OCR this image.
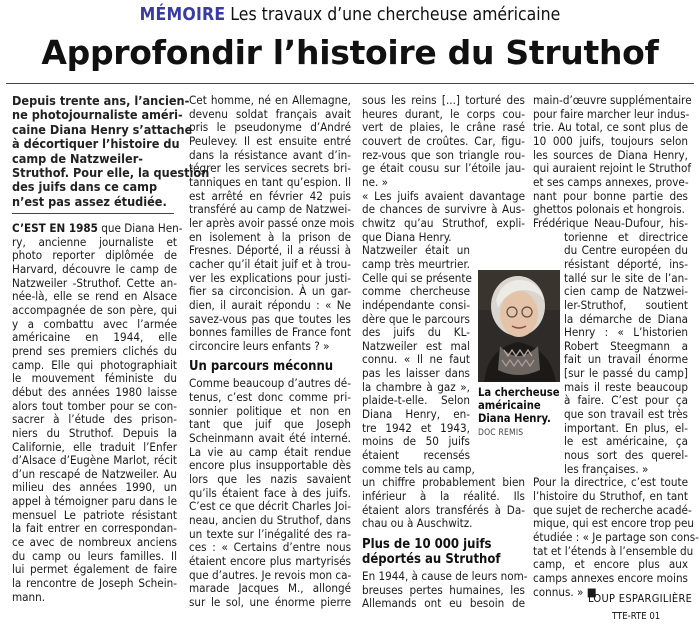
MÉMOIRE Les travaux d’une chercheuse américaine
Approfondir l’histoire du Struthof
Depuis trente ans, l’ancien-
ne photojournaliste améri-
caine Diana Henry s’attache
à décortiquer l’histoire du
camp de Natzweiler-
Struthof. Pour elle, la question
des juifs dans ce camp
n’est pas assez étudiée.
C’EST EN 1985 que Diana Hen-
ry, ancienne journaliste et
photo reporter diplômée de
Harvard, découvre le camp de
Natzweiler -Struthof. Cette an-
née-là, elle se rend en Alsace
accompagnée de son père, qui
y a combattu avec l’armée
américaine en 1944, elle
prend ses premiers clichés du
camp. Elle qui photographiait
le mouvement féministe du
début des années 1980 laisse
alors tout tomber pour se con-
sacrer à l’étude des prison-
niers du Struthof. Depuis la
Californie, elle traduit l’Enfer
d’Alsace d’Eugène Marlot, récit
d’un rescapé de Natzweiler. Au
milieu des années 1990, un
appel à témoigner paru dans le
mensuel Le patriote résistant
la fait entrer en correspondan-
ce avec de nombreux anciens
du camp ou leurs familles. Il
lui permet également de faire
la rencontre de Joseph Schein-
mann.
Cet homme, né en Allemagne,
devenu soldat français avait
pris le pseudonyme d’André
Peulevey. Il est ensuite entré
dans la résistance avant d’in-
tégrer les services secrets bri-
tanniques en tant qu’espion. Il
est arrêté en février 42 puis
transféré au camp de Natzwei-
ler après avoir passé onze mois
en isolement à la prison de
Fresnes. Déporté, il a réussi à
cacher qu’il était juif et à trou-
ver les explications pour justi-
fier sa circoncision. À un gar-
dien, il aurait répondu : « Ne
savez-vous pas que toutes les
bonnes familles de France font
circoncire leurs enfants ? »
Un parcours méconnu
Comme beaucoup d’autres dé-
tenus, c’est donc comme pri-
sonnier politique et non en
tant que juif que Joseph
Scheinmann avait été interné.
La vie au camp était rendue
encore plus insupportable dès
lors que les nazis savaient
qu’ils étaient face à des juifs.
C’est ce que décrit Charles Joi-
neau, ancien du Struthof, dans
un texte sur l’inégalité des ra-
ces : « Certains d’entre nous
étaient encore plus martyrisés
que d’autres. Je revois mon ca-
marade Jacques M., allongé
sur le sol, une énorme pierre
sous les reins [...] torturé des
heures durant, le corps cou-
vert de plaies, le crâne rasé
couvert de croûtes. Car, figu-
rez-vous que son triangle rou-
ge était cousu sur l’étoile jau-
ne. »
« Les juifs avaient davantage
de chances de survivre à Aus-
chwitz qu’au Struthof, expli-
que Diana Henry.
Natzweiler était un
camp très meurtrier.
Celle qui se présente
comme chercheuse
indépendante consi-
dère que le parcours
des juifs du KL-
Natzweiler est mal
connu. « Il ne faut
pas les laisser dans
la chambre à gaz »,
plaide-t-elle. Selon
Diana Henry, en-
tre 1942 et 1943,
moins de 50 juifs
étaient recensés
comme tels au camp,
un chiffre probablement bien
inférieur à la réalité. Ils
étaient alors transférés à Da-
chau ou à Auschwitz.
Plus de 10 000 juifs
déportés au Struthof
En 1944, à cause de leurs nom-
breuses pertes humaines, les
Allemands ont eu besoin de
La chercheuse
américaine
Diana Henry.
DOC REMIS
main-d’œuvre supplémentaire
pour faire marcher leur indus-
trie. Au total, ce sont plus de
10 000 juifs, toujours selon
les sources de Diana Henry,
qui auraient rejoint le Struthof
et ses camps annexes, prove-
nant pour bonne partie des
ghettos polonais et hongrois.
Frédérique Neau-Dufour, his-
torienne et directrice
du Centre européen du
résistant déporté, ins-
tallé sur le site de l’an-
cien camp de Natzwei-
ler-Struthof, soutient
la démarche de Diana
Henry : « L’historien
Robert Steegmann a
fait un travail énorme
[sur le passé du camp]
mais il reste beaucoup
à faire. C’est pour ça
que son travail est très
important. En plus, el-
le est américaine, ça
nous sort des querel-
les françaises. »
Pour la directrice, c’est toute
l’histoire du Struthof, en tant
que sujet de recherche acadé-
mique, qui est encore trop peu
étudiée : « Je partage son cons-
tat et l’étends à l’ensemble du
camp, et encore plus aux
camps annexes encore moins
connus. » ■
LOUP ESPARGILIÈRE
TTE-RTE 01
